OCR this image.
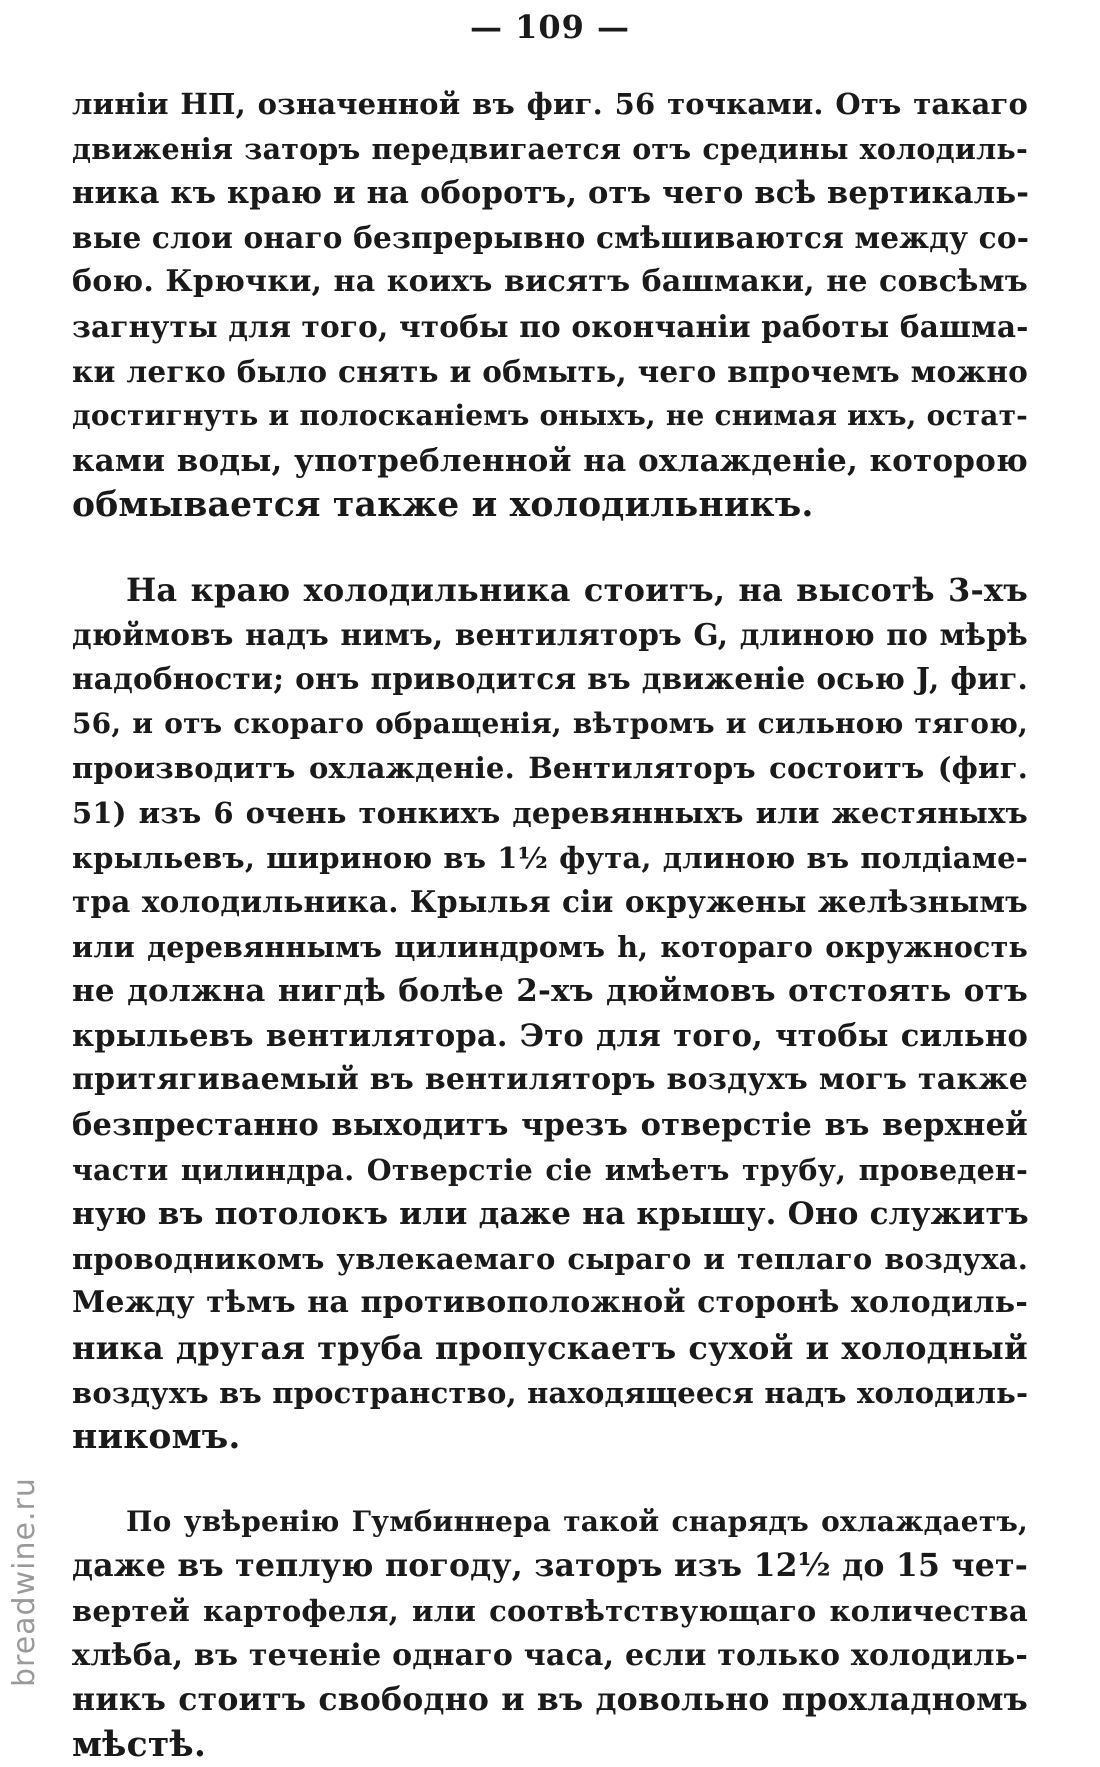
— 109 —
линіи НП, означенной въ фиг. 56 точками. Отъ такаго
движенія заторъ передвигается отъ средины холодиль-
ника къ краю и на оборотъ, отъ чего всѣ вертикаль-
вые слои онаго безпрерывно смѣшиваются между со-
бою. Крючки, на коихъ висятъ башмаки, не совсѣмъ
загнуты для того, чтобы по окончаніи работы башма-
ки легко было снять и обмыть, чего впрочемъ можно
достигнуть и полосканіемъ оныхъ, не снимая ихъ, остат-
ками воды, употребленной на охлажденіе, которою
обмывается также и холодильникъ.
На краю холодильника стоитъ, на высотѣ 3-хъ
дюймовъ надъ нимъ, вентиляторъ G, длиною по мѣрѣ
надобности; онъ приводится въ движеніе осью J, фиг.
56, и отъ скораго обращенія, вѣтромъ и сильною тягою,
производитъ охлажденіе. Вентиляторъ состоитъ (фиг.
51) изъ 6 очень тонкихъ деревянныхъ или жестяныхъ
крыльевъ, шириною въ 1½ фута, длиною въ полдіаме-
тра холодильника. Крылья сіи окружены желѣзнымъ
или деревяннымъ цилиндромъ h, котораго окружность
не должна нигдѣ болѣе 2-хъ дюймовъ отстоять отъ
крыльевъ вентилятора. Это для того, чтобы сильно
притягиваемый въ вентиляторъ воздухъ могъ также
безпрестанно выходитъ чрезъ отверстіе въ верхней
части цилиндра. Отверстіе сіе имѣетъ трубу, проведен-
ную въ потолокъ или даже на крышу. Оно служитъ
проводникомъ увлекаемаго сыраго и теплаго воздуха.
Между тѣмъ на противоположной сторонѣ холодиль-
ника другая труба пропускаетъ сухой и холодный
воздухъ въ пространство, находящееся надъ холодиль-
никомъ.
По увѣренію Гумбиннера такой снарядъ охлаждаетъ,
даже въ теплую погоду, заторъ изъ 12½ до 15 чет-
вертей картофеля, или соотвѣтствующаго количества
хлѣба, въ теченіе однаго часа, если только холодиль-
никъ стоитъ свободно и въ довольно прохладномъ
мѣстѣ.
breadwine.ru
